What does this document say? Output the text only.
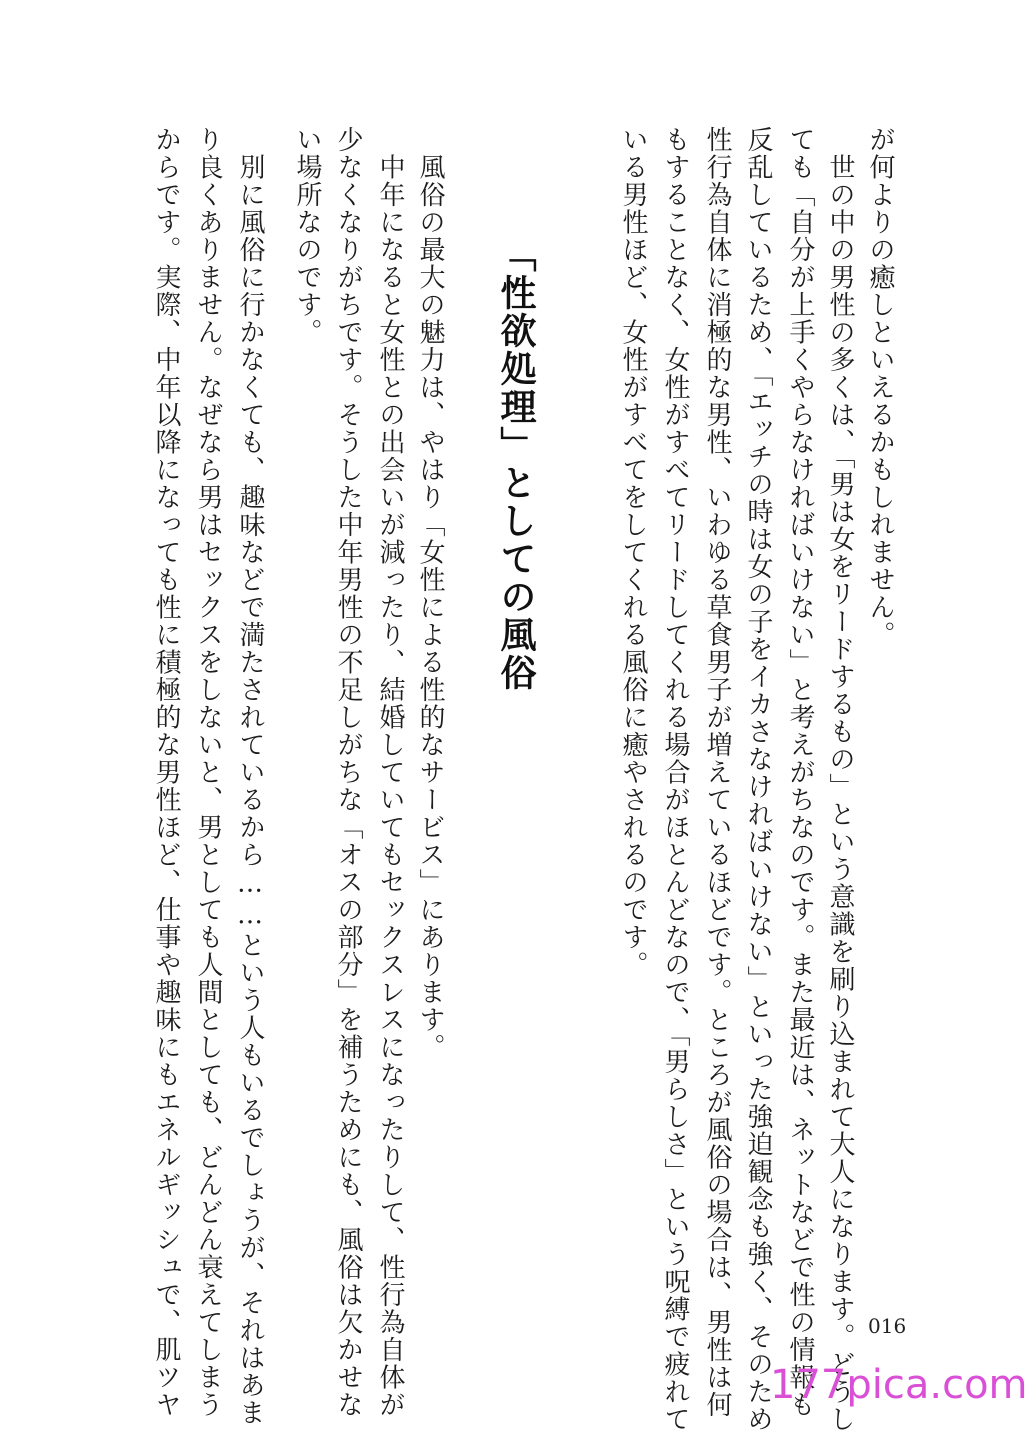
が何よりの癒しといえるかもしれません。
　世の中の男性の多くは、「男は女をリードするもの」という意識を刷り込まれて大人になります。どうし
ても「自分が上手くやらなければいけない」と考えがちなのです。また最近は、ネットなどで性の情報も
反乱しているため、「エッチの時は女の子をイカさなければいけない」といった強迫観念も強く、そのため
性行為自体に消極的な男性、いわゆる草食男子が増えているほどです。ところが風俗の場合は、男性は何
もすることなく、女性がすべてリードしてくれる場合がほとんどなので、「男らしさ」という呪縛で疲れて
いる男性ほど、女性がすべてをしてくれる風俗に癒やされるのです。
「性欲処理」としての風俗
　風俗の最大の魅力は、やはり「女性による性的なサービス」にあります。
　中年になると女性との出会いが減ったり、結婚していてもセックスレスになったりして、性行為自体が
少なくなりがちです。そうした中年男性の不足しがちな「オスの部分」を補うためにも、風俗は欠かせな
い場所なのです。
　別に風俗に行かなくても、趣味などで満たされているから……という人もいるでしょうが、それはあま
り良くありません。なぜなら男はセックスをしないと、男としても人間としても、どんどん衰えてしまう
からです。実際、中年以降になっても性に積極的な男性ほど、仕事や趣味にもエネルギッシュで、肌ツヤ	016
177pica.com
